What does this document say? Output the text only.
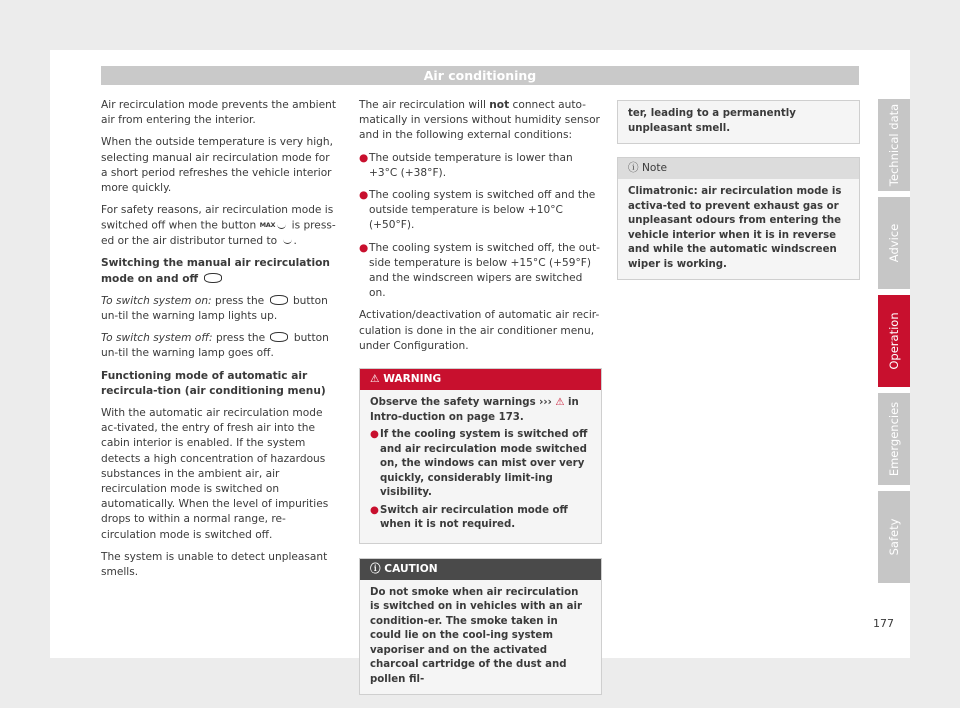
Air conditioning

Air recirculation mode prevents the ambient air from entering the interior.

When the outside temperature is very high, selecting manual air recirculation mode for a short period refreshes the vehicle interior more quickly.

For safety reasons, air recirculation mode is switched off when the button MAX is press-ed or the air distributor turned to .

Switching the manual air recirculation mode on and off

To switch system on: press the	button un-til the warning lamp lights up.

To switch system off: press the	button un-til the warning lamp goes off.

Functioning mode of automatic air recircula-tion (air conditioning menu)

With the automatic air recirculation mode ac-tivated, the entry of fresh air into the cabin interior is enabled. If the system detects a high concentration of hazardous substances in the ambient air, air recirculation mode is switched on automatically. When the level of impurities drops to within a normal range, re-circulation mode is switched off.

The system is unable to detect unpleasant smells.

The air recirculation will not connect auto-matically in versions without humidity sensor and in the following external conditions:

● The outside temperature is lower than +3°C (+38°F).

● The cooling system is switched off and the outside temperature is below +10°C (+50°F).

● The cooling system is switched off, the out-side temperature is below +15°C (+59°F) and the windscreen wipers are switched on.

Activation/deactivation of automatic air recir-culation is done in the air conditioner menu, under Configuration.

⚠ WARNING

Observe the safety warnings ››› ⚠ in Intro-duction on page 173.

● If the cooling system is switched off and air recirculation mode switched on, the windows can mist over very quickly, considerably limit-ing visibility.

● Switch air recirculation mode off when it is not required.

ⓘ CAUTION
Do not smoke when air recirculation is switched on in vehicles with an air condition-er. The smoke taken in could lie on the cool-ing system vaporiser and on the activated charcoal cartridge of the dust and pollen fil-
ter, leading to a permanently unpleasant smell.
ⓘ Note
Climatronic: air recirculation mode is activa-ted to prevent exhaust gas or unpleasant odours from entering the vehicle interior when it is in reverse and while the automatic windscreen wiper is working.
Technical data
Advice
Operation
Emergencies
Safety
177
